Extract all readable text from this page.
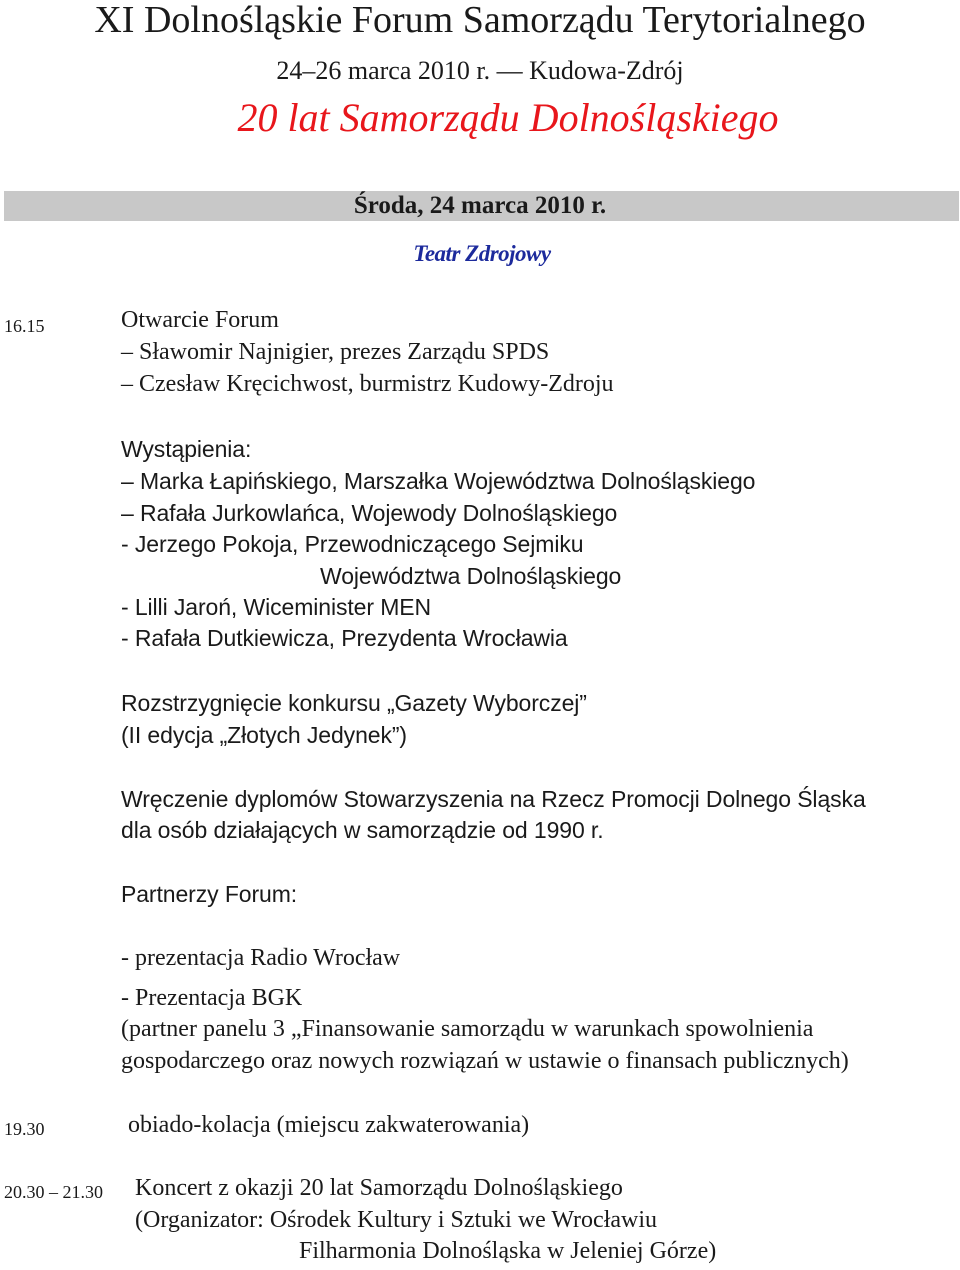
XI Dolnośląskie Forum Samorządu Terytorialnego
24–26 marca 2010 r. — Kudowa-Zdrój
20 lat Samorządu Dolnośląskiego
Środa, 24 marca 2010 r.
Teatr Zdrojowy
16.15	Otwarcie Forum
– Sławomir Najnigier, prezes Zarządu SPDS
– Czesław Kręcichwost, burmistrz Kudowy-Zdroju
Wystąpienia:
– Marka Łapińskiego, Marszałka Województwa Dolnośląskiego
– Rafała Jurkowlańca, Wojewody Dolnośląskiego
- Jerzego Pokoja, Przewodniczącego Sejmiku
Województwa Dolnośląskiego
- Lilli Jaroń, Wiceminister MEN
- Rafała Dutkiewicza, Prezydenta Wrocławia
Rozstrzygnięcie konkursu „Gazety Wyborczej”
(II edycja „Złotych Jedynek”)
Wręczenie dyplomów Stowarzyszenia na Rzecz Promocji Dolnego Śląska
dla osób działających w samorządzie od 1990 r.
Partnerzy Forum:
- prezentacja Radio Wrocław
- Prezentacja BGK
(partner panelu 3 „Finansowanie samorządu w warunkach spowolnienia
gospodarczego oraz nowych rozwiązań w ustawie o finansach publicznych)
19.30	obiado-kolacja (miejscu zakwaterowania)
20.30 – 21.30 Koncert z okazji 20 lat Samorządu Dolnośląskiego
(Organizator: Ośrodek Kultury i Sztuki we Wrocławiu
Filharmonia Dolnośląska w Jeleniej Górze)
